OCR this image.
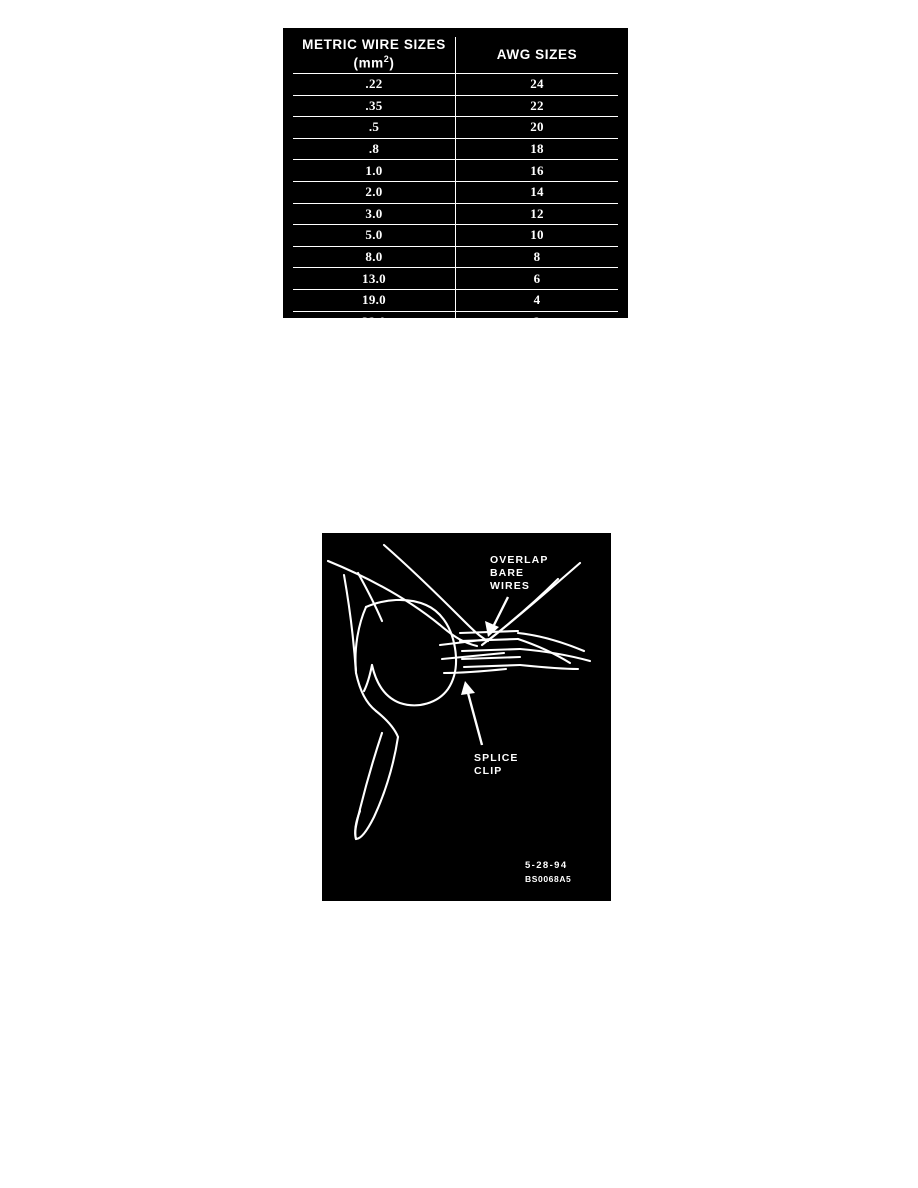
METRIC WIRE SIZES
$(mm^2)$	AWG SIZES
.22	24
.35	22
.5	20
.8	18
1.0	16
2.0	14
3.0	12
5.0	10
8.0	8
13.0	6
19.0	4
32.0	2
OVERLAP
BARE
WIRES
SPLICE
CLIP
5-28-94
BS0068A5
